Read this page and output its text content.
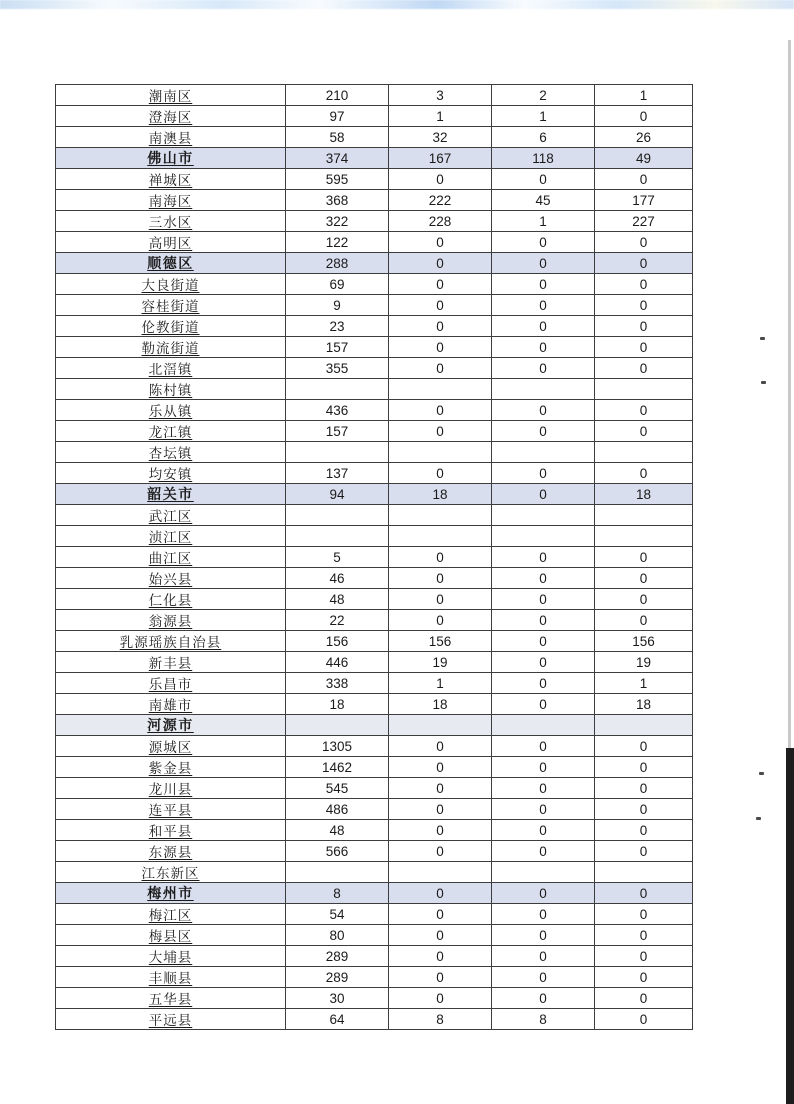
潮南区	210	3	2	1
澄海区	97	1	1	0
南澳县	58	32	6	26
佛山市	374	167	118	49
禅城区	595	0	0	0
南海区	368	222	45	177
三水区	322	228	1	227
高明区	122	0	0	0
顺德区	288	0	0	0
大良街道	69	0	0	0
容桂街道	9	0	0	0
伦教街道	23	0	0	0
勒流街道	157	0	0	0
北滘镇	355	0	0	0
陈村镇				
乐从镇	436	0	0	0
龙江镇	157	0	0	0
杏坛镇				
均安镇	137	0	0	0
韶关市	94	18	0	18
武江区				
浈江区				
曲江区	5	0	0	0
始兴县	46	0	0	0
仁化县	48	0	0	0
翁源县	22	0	0	0
乳源瑶族自治县	156	156	0	156
新丰县	446	19	0	19
乐昌市	338	1	0	1
南雄市	18	18	0	18
河源市				
源城区	1305	0	0	0
紫金县	1462	0	0	0
龙川县	545	0	0	0
连平县	486	0	0	0
和平县	48	0	0	0
东源县	566	0	0	0
江东新区				
梅州市	8	0	0	0
梅江区	54	0	0	0
梅县区	80	0	0	0
大埔县	289	0	0	0
丰顺县	289	0	0	0
五华县	30	0	0	0
平远县	64	8	8	0
